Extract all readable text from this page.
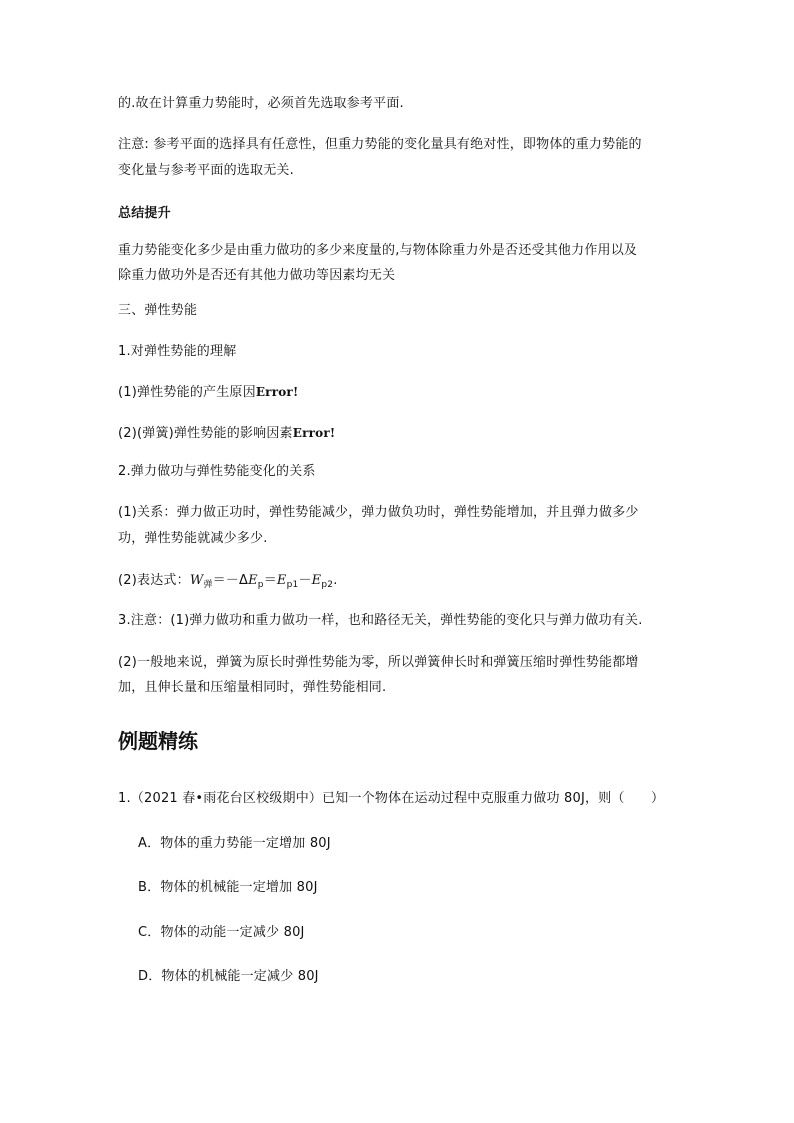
的.故在计算重力势能时，必须首先选取参考平面.
注意: 参考平面的选择具有任意性，但重力势能的变化量具有绝对性，即物体的重力势能的
变化量与参考平面的选取无关.
总结提升
重力势能变化多少是由重力做功的多少来度量的,与物体除重力外是否还受其他力作用以及
除重力做功外是否还有其他力做功等因素均无关
三、弹性势能
1.对弹性势能的理解
(1)弹性势能的产生原因Error!
(2)(弹簧)弹性势能的影响因素Error!
2.弹力做功与弹性势能变化的关系
(1)关系：弹力做正功时，弹性势能减少，弹力做负功时，弹性势能增加，并且弹力做多少
功，弹性势能就减少多少.
(2)表达式：$W_弹=-\Delta E_p=E_{p1}-E_{p2}$.
3.注意：(1)弹力做功和重力做功一样，也和路径无关，弹性势能的变化只与弹力做功有关.
(2)一般地来说，弹簧为原长时弹性势能为零，所以弹簧伸长时和弹簧压缩时弹性势能都增
加，且伸长量和压缩量相同时，弹性势能相同.
例题精练
1.（2021 春•雨花台区校级期中）已知一个物体在运动过程中克服重力做功 80J，则（　　）
A．物体的重力势能一定增加 80J
B．物体的机械能一定增加 80J
C．物体的动能一定减少 80J
D．物体的机械能一定减少 80J
